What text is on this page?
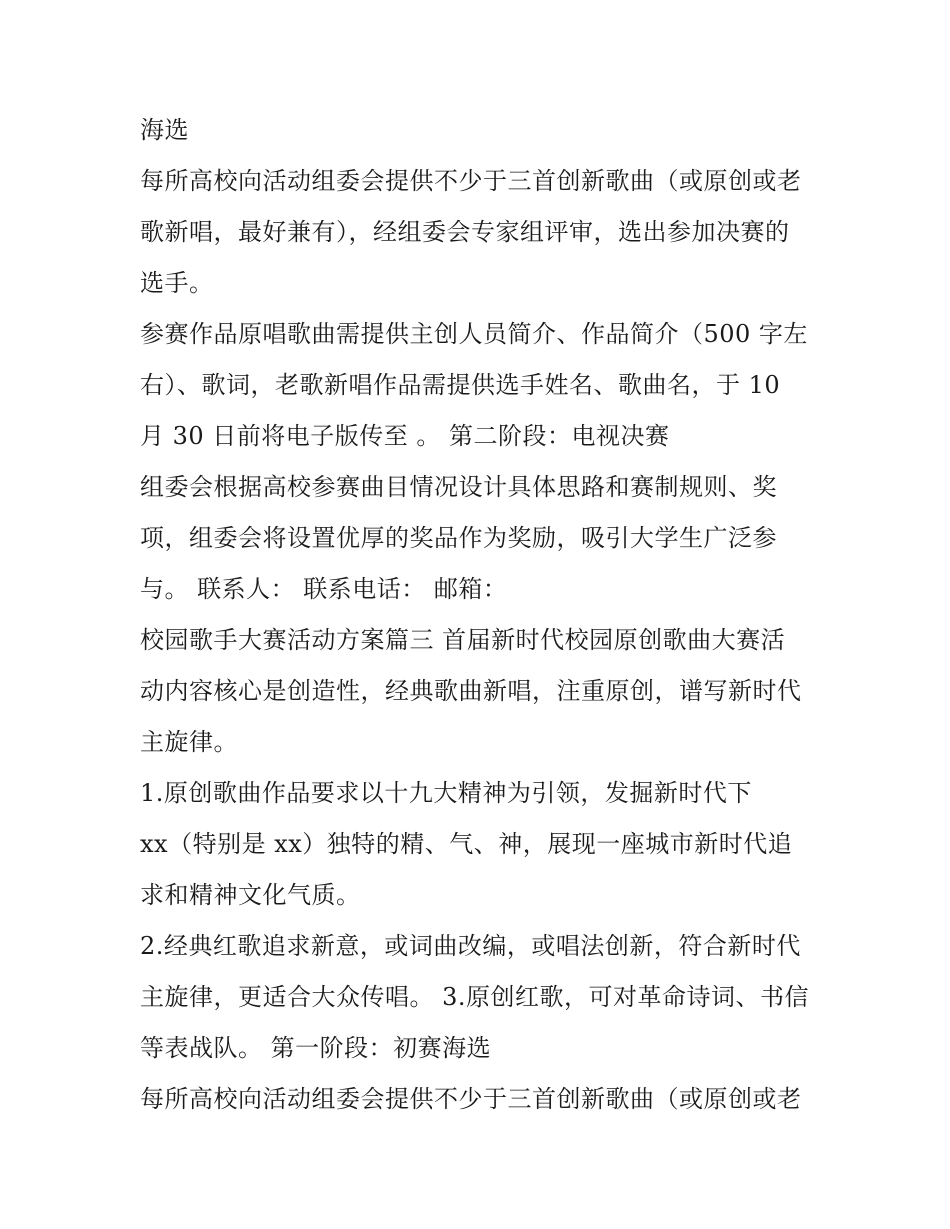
海选
每所高校向活动组委会提供不少于三首创新歌曲（或原创或老
歌新唱，最好兼有），经组委会专家组评审，选出参加决赛的
选手。
参赛作品原唱歌曲需提供主创人员简介、作品简介（500 字左
右）、歌词，老歌新唱作品需提供选手姓名、歌曲名，于 10
月 30 日前将电子版传至 。 第二阶段：电视决赛
组委会根据高校参赛曲目情况设计具体思路和赛制规则、奖
项，组委会将设置优厚的奖品作为奖励，吸引大学生广泛参
与。 联系人： 联系电话： 邮箱：
校园歌手大赛活动方案篇三 首届新时代校园原创歌曲大赛活
动内容核心是创造性，经典歌曲新唱，注重原创，谱写新时代
主旋律。
1.原创歌曲作品要求以十九大精神为引领，发掘新时代下
xx（特别是 xx）独特的精、气、神，展现一座城市新时代追
求和精神文化气质。
2.经典红歌追求新意，或词曲改编，或唱法创新，符合新时代
主旋律，更适合大众传唱。 3.原创红歌，可对革命诗词、书信
等表战队。 第一阶段：初赛海选
每所高校向活动组委会提供不少于三首创新歌曲（或原创或老
